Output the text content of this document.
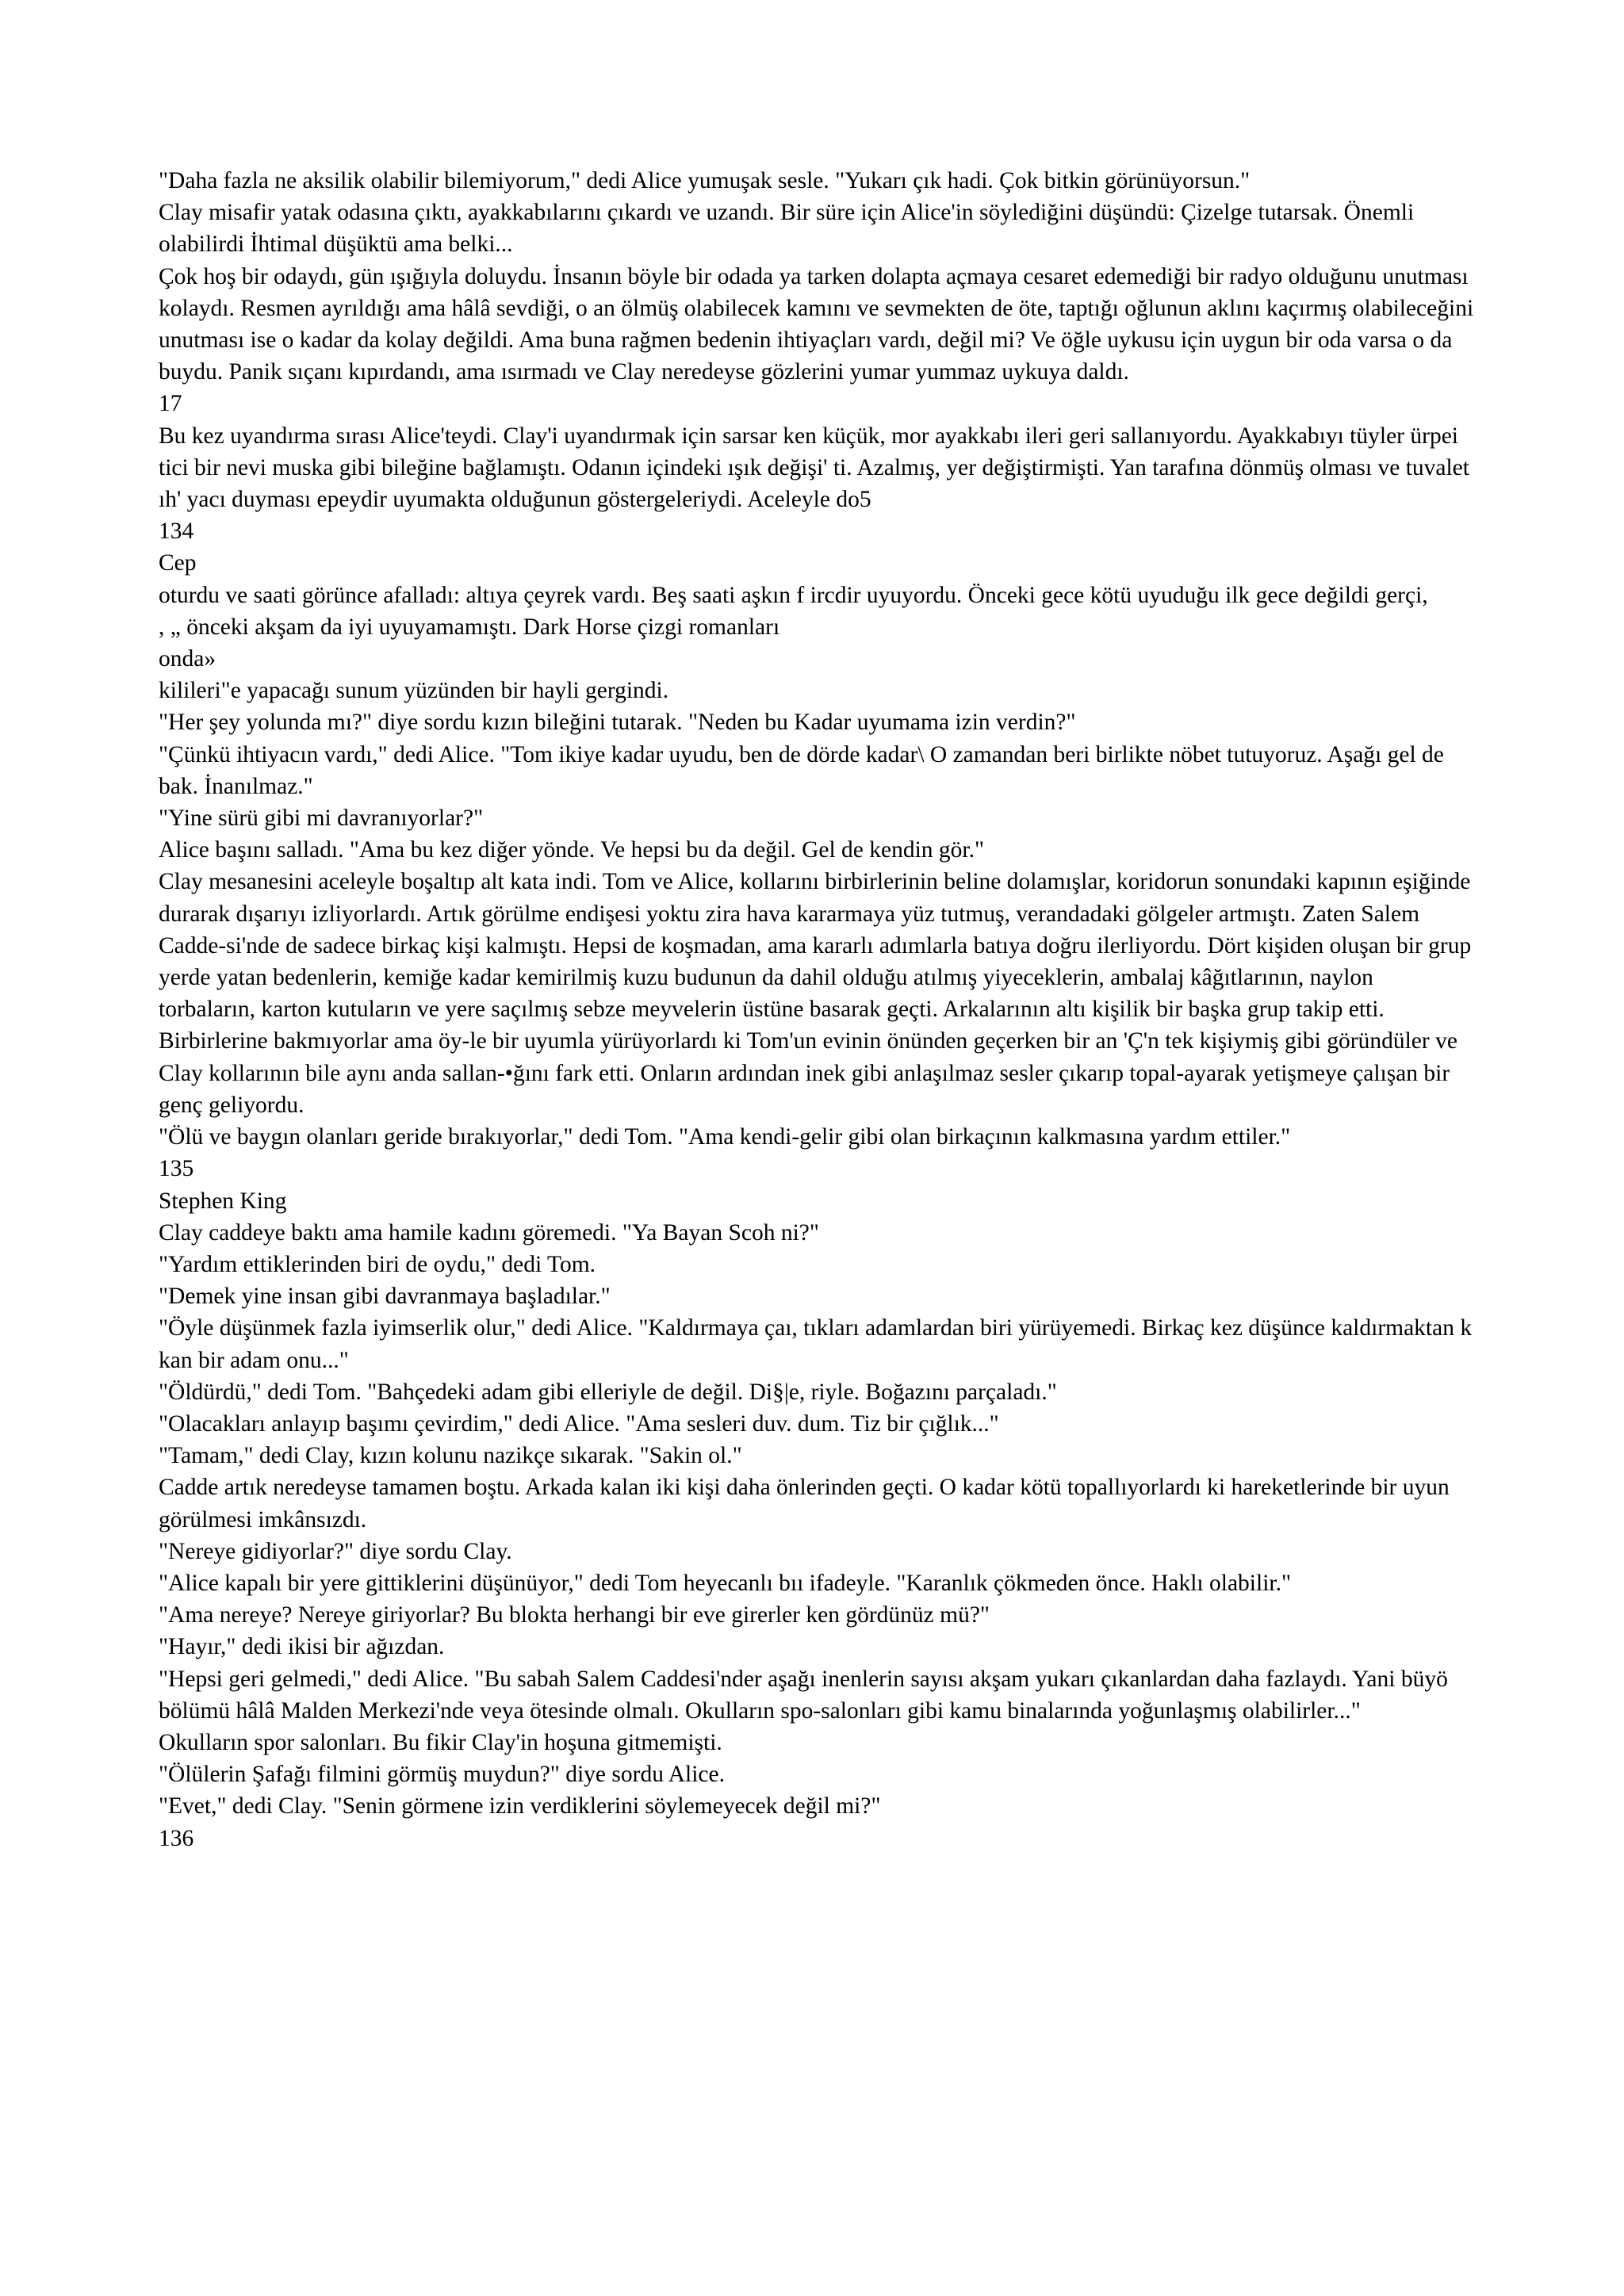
"Daha fazla ne aksilik olabilir bilemiyorum," dedi Alice yumuşak sesle. "Yukarı çık hadi. Çok bitkin görünüyorsun."

Clay misafir yatak odasına çıktı, ayakkabılarını çıkardı ve uzandı. Bir süre için Alice'in söylediğini düşündü: Çizelge tutarsak. Önemli olabilirdi İhtimal düşüktü ama belki...

Çok hoş bir odaydı, gün ışığıyla doluydu. İnsanın böyle bir odada ya tarken dolapta açmaya cesaret edemediği bir radyo olduğunu unutması kolaydı. Resmen ayrıldığı ama hâlâ sevdiği, o an ölmüş olabilecek kamını ve sevmekten de öte, taptığı oğlunun aklını kaçırmış olabileceğini unutması ise o kadar da kolay değildi. Ama buna rağmen bedenin ihtiyaçları vardı, değil mi? Ve öğle uykusu için uygun bir oda varsa o da buydu. Panik sıçanı kıpırdandı, ama ısırmadı ve Clay neredeyse gözlerini yumar yummaz uykuya daldı.

17

Bu kez uyandırma sırası Alice'teydi. Clay'i uyandırmak için sarsar ken küçük, mor ayakkabı ileri geri sallanıyordu. Ayakkabıyı tüyler ürpei tici bir nevi muska gibi bileğine bağlamıştı. Odanın içindeki ışık değişi' ti. Azalmış, yer değiştirmişti. Yan tarafına dönmüş olması ve tuvalet ıh' yacı duyması epeydir uyumakta olduğunun göstergeleriydi. Aceleyle do5

134

Cep

oturdu ve saati görünce afalladı: altıya çeyrek vardı. Beş saati aşkın f ircdir uyuyordu. Önceki gece kötü uyuduğu ilk gece değildi gerçi,

, „ önceki akşam da iyi uyuyamamıştı. Dark Horse çizgi romanları

onda»

kilileri"e yapacağı sunum yüzünden bir hayli gergindi.

"Her şey yolunda mı?" diye sordu kızın bileğini tutarak. "Neden bu Kadar uyumama izin verdin?"

"Çünkü ihtiyacın vardı," dedi Alice. "Tom ikiye kadar uyudu, ben de dörde kadar\ O zamandan beri birlikte nöbet tutuyoruz. Aşağı gel de bak. İnanılmaz."

"Yine sürü gibi mi davranıyorlar?"

Alice başını salladı. "Ama bu kez diğer yönde. Ve hepsi bu da değil. Gel de kendin gör."

Clay mesanesini aceleyle boşaltıp alt kata indi. Tom ve Alice, kollarını birbirlerinin beline dolamışlar, koridorun sonundaki kapının eşiğinde durarak dışarıyı izliyorlardı. Artık görülme endişesi yoktu zira hava kararmaya yüz tutmuş, verandadaki gölgeler artmıştı. Zaten Salem Cadde-si'nde de sadece birkaç kişi kalmıştı. Hepsi de koşmadan, ama kararlı adımlarla batıya doğru ilerliyordu. Dört kişiden oluşan bir grup yerde yatan bedenlerin, kemiğe kadar kemirilmiş kuzu budunun da dahil olduğu atılmış yiyeceklerin, ambalaj kâğıtlarının, naylon torbaların, karton kutuların ve yere saçılmış sebze meyvelerin üstüne basarak geçti. Arkalarının altı kişilik bir başka grup takip etti. Birbirlerine bakmıyorlar ama öy-le bir uyumla yürüyorlardı ki Tom'un evinin önünden geçerken bir an 'Ç'n tek kişiymiş gibi göründüler ve Clay kollarının bile aynı anda sallan-•ğını fark etti. Onların ardından inek gibi anlaşılmaz sesler çıkarıp topal-ayarak yetişmeye çalışan bir genç geliyordu.

"Ölü ve baygın olanları geride bırakıyorlar," dedi Tom. "Ama kendi-gelir gibi olan birkaçının kalkmasına yardım ettiler."

135

Stephen King

Clay caddeye baktı ama hamile kadını göremedi. "Ya Bayan Scoh ni?"

"Yardım ettiklerinden biri de oydu," dedi Tom.

"Demek yine insan gibi davranmaya başladılar."

"Öyle düşünmek fazla iyimserlik olur," dedi Alice. "Kaldırmaya çaı, tıkları adamlardan biri yürüyemedi. Birkaç kez düşünce kaldırmaktan k kan bir adam onu..."

"Öldürdü," dedi Tom. "Bahçedeki adam gibi elleriyle de değil. Di§|e, riyle. Boğazını parçaladı."

"Olacakları anlayıp başımı çevirdim," dedi Alice. "Ama sesleri duv. dum. Tiz bir çığlık..."

"Tamam," dedi Clay, kızın kolunu nazikçe sıkarak. "Sakin ol."

Cadde artık neredeyse tamamen boştu. Arkada kalan iki kişi daha önlerinden geçti. O kadar kötü topallıyorlardı ki hareketlerinde bir uyun görülmesi imkânsızdı.

"Nereye gidiyorlar?" diye sordu Clay.

"Alice kapalı bir yere gittiklerini düşünüyor," dedi Tom heyecanlı bıı ifadeyle. "Karanlık çökmeden önce. Haklı olabilir."

"Ama nereye? Nereye giriyorlar? Bu blokta herhangi bir eve girerler ken gördünüz mü?"

"Hayır," dedi ikisi bir ağızdan.

"Hepsi geri gelmedi," dedi Alice. "Bu sabah Salem Caddesi'nder aşağı inenlerin sayısı akşam yukarı çıkanlardan daha fazlaydı. Yani büyö bölümü hâlâ Malden Merkezi'nde veya ötesinde olmalı. Okulların spo-salonları gibi kamu binalarında yoğunlaşmış olabilirler..."

Okulların spor salonları. Bu fikir Clay'in hoşuna gitmemişti.

"Ölülerin Şafağı filmini görmüş muydun?" diye sordu Alice.

"Evet," dedi Clay. "Senin görmene izin verdiklerini söylemeyecek değil mi?"

136
